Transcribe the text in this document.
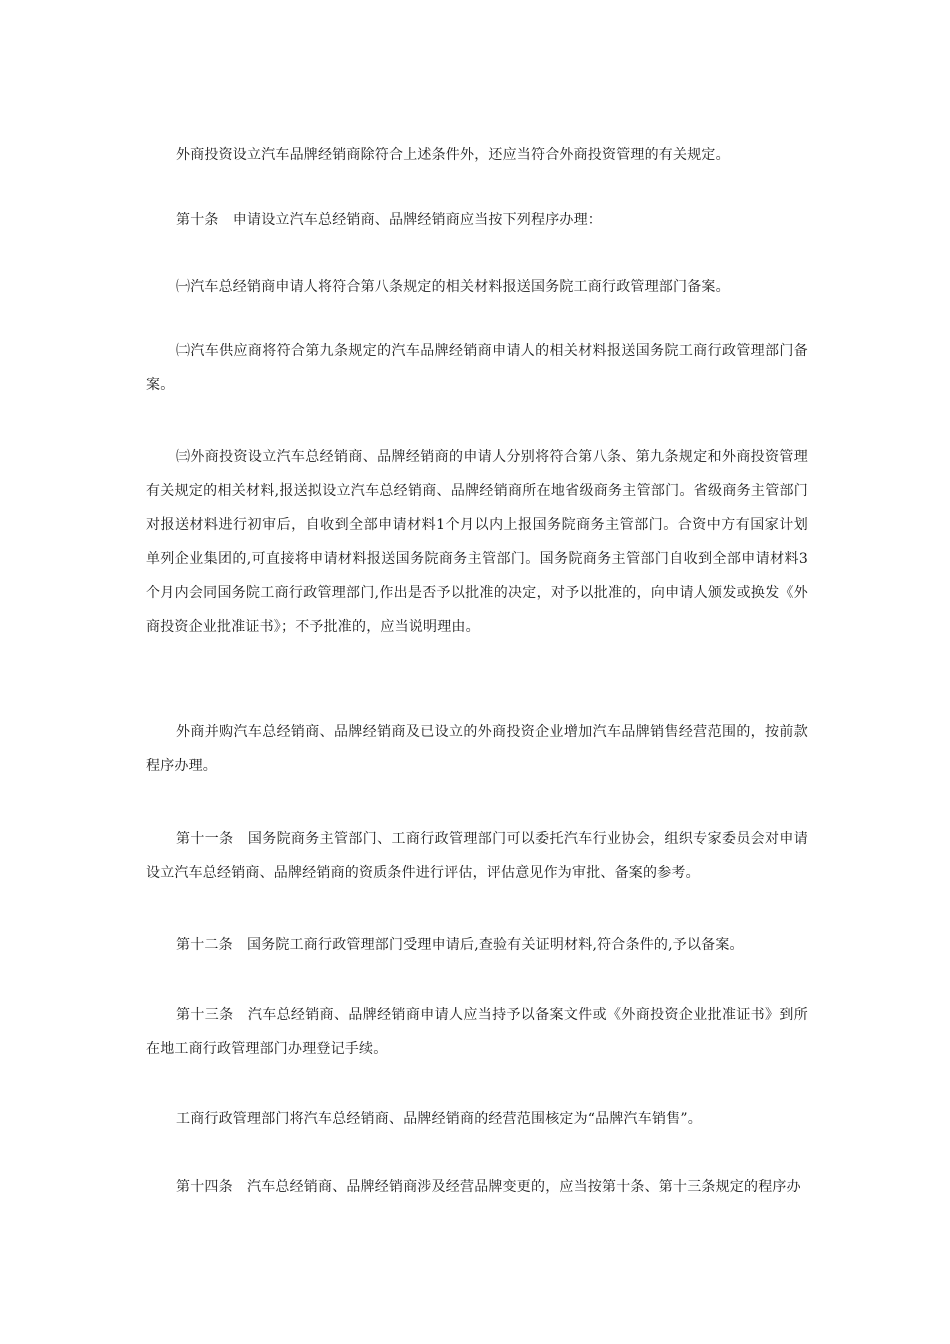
外商投资设立汽车品牌经销商除符合上述条件外，还应当符合外商投资管理的有关规定。

第十条　申请设立汽车总经销商、品牌经销商应当按下列程序办理：

㈠汽车总经销商申请人将符合第八条规定的相关材料报送国务院工商行政管理部门备案。

㈡汽车供应商将符合第九条规定的汽车品牌经销商申请人的相关材料报送国务院工商行政管理部门备案。

㈢外商投资设立汽车总经销商、品牌经销商的申请人分别将符合第八条、第九条规定和外商投资管理有关规定的相关材料,报送拟设立汽车总经销商、品牌经销商所在地省级商务主管部门。省级商务主管部门对报送材料进行初审后，自收到全部申请材料1个月以内上报国务院商务主管部门。合资中方有国家计划单列企业集团的,可直接将申请材料报送国务院商务主管部门。国务院商务主管部门自收到全部申请材料3个月内会同国务院工商行政管理部门,作出是否予以批准的决定，对予以批准的，向申请人颁发或换发《外商投资企业批准证书》；不予批准的，应当说明理由。

外商并购汽车总经销商、品牌经销商及已设立的外商投资企业增加汽车品牌销售经营范围的，按前款程序办理。

第十一条　国务院商务主管部门、工商行政管理部门可以委托汽车行业协会，组织专家委员会对申请设立汽车总经销商、品牌经销商的资质条件进行评估，评估意见作为审批、备案的参考。

第十二条　国务院工商行政管理部门受理申请后,查验有关证明材料,符合条件的,予以备案。

第十三条　汽车总经销商、品牌经销商申请人应当持予以备案文件或《外商投资企业批准证书》到所在地工商行政管理部门办理登记手续。

工商行政管理部门将汽车总经销商、品牌经销商的经营范围核定为“品牌汽车销售”。

第十四条　汽车总经销商、品牌经销商涉及经营品牌变更的，应当按第十条、第十三条规定的程序办
